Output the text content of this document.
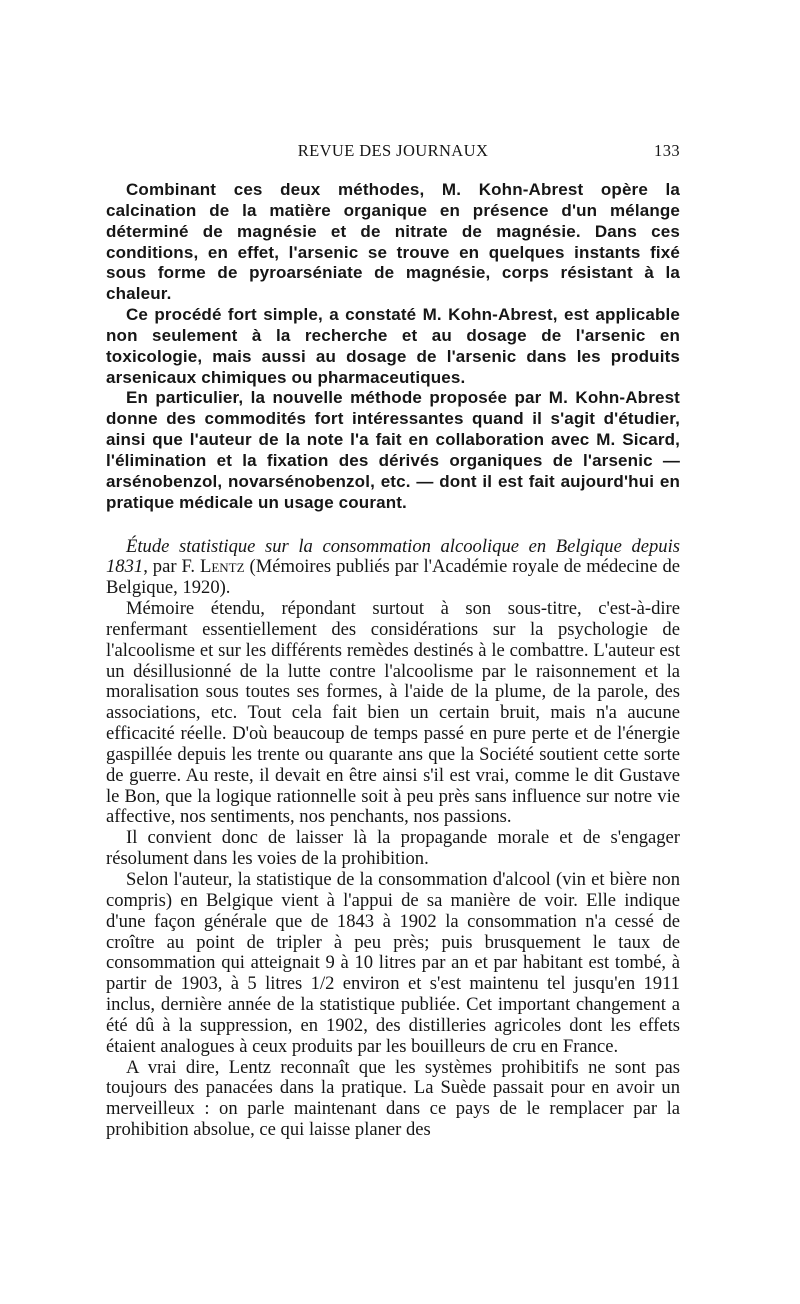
REVUE DES JOURNAUX	133

Combinant ces deux méthodes, M. Kohn-Abrest opère la calcination de la matière organique en présence d'un mélange déterminé de magnésie et de nitrate de magnésie. Dans ces conditions, en effet, l'arsenic se trouve en quelques instants fixé sous forme de pyroarséniate de magnésie, corps résistant à la chaleur.

Ce procédé fort simple, a constaté M. Kohn-Abrest, est applicable non seulement à la recherche et au dosage de l'arsenic en toxicologie, mais aussi au dosage de l'arsenic dans les produits arsenicaux chimiques ou pharmaceutiques.

En particulier, la nouvelle méthode proposée par M. Kohn-Abrest donne des commodités fort intéressantes quand il s'agit d'étudier, ainsi que l'auteur de la note l'a fait en collaboration avec M. Sicard, l'élimination et la fixation des dérivés organiques de l'arsenic — arsénobenzol, novarsénobenzol, etc. — dont il est fait aujourd'hui en pratique médicale un usage courant.

Étude statistique sur la consommation alcoolique en Belgique depuis 1831, par F. Lentz (Mémoires publiés par l'Académie royale de médecine de Belgique, 1920).

Mémoire étendu, répondant surtout à son sous-titre, c'est-à-dire renfermant essentiellement des considérations sur la psychologie de l'alcoolisme et sur les différents remèdes destinés à le combattre. L'auteur est un désillusionné de la lutte contre l'alcoolisme par le raisonnement et la moralisation sous toutes ses formes, à l'aide de la plume, de la parole, des associations, etc. Tout cela fait bien un certain bruit, mais n'a aucune efficacité réelle. D'où beaucoup de temps passé en pure perte et de l'énergie gaspillée depuis les trente ou quarante ans que la Société soutient cette sorte de guerre. Au reste, il devait en être ainsi s'il est vrai, comme le dit Gustave le Bon, que la logique rationnelle soit à peu près sans influence sur notre vie affective, nos sentiments, nos penchants, nos passions.

Il convient donc de laisser là la propagande morale et de s'engager résolument dans les voies de la prohibition.

Selon l'auteur, la statistique de la consommation d'alcool (vin et bière non compris) en Belgique vient à l'appui de sa manière de voir. Elle indique d'une façon générale que de 1843 à 1902 la consommation n'a cessé de croître au point de tripler à peu près; puis brusquement le taux de consommation qui atteignait 9 à 10 litres par an et par habitant est tombé, à partir de 1903, à 5 litres 1/2 environ et s'est maintenu tel jusqu'en 1911 inclus, dernière année de la statistique publiée. Cet important changement a été dû à la suppression, en 1902, des distilleries agricoles dont les effets étaient analogues à ceux produits par les bouilleurs de cru en France.

A vrai dire, Lentz reconnaît que les systèmes prohibitifs ne sont pas toujours des panacées dans la pratique. La Suède passait pour en avoir un merveilleux : on parle maintenant dans ce pays de le remplacer par la prohibition absolue, ce qui laisse planer des
